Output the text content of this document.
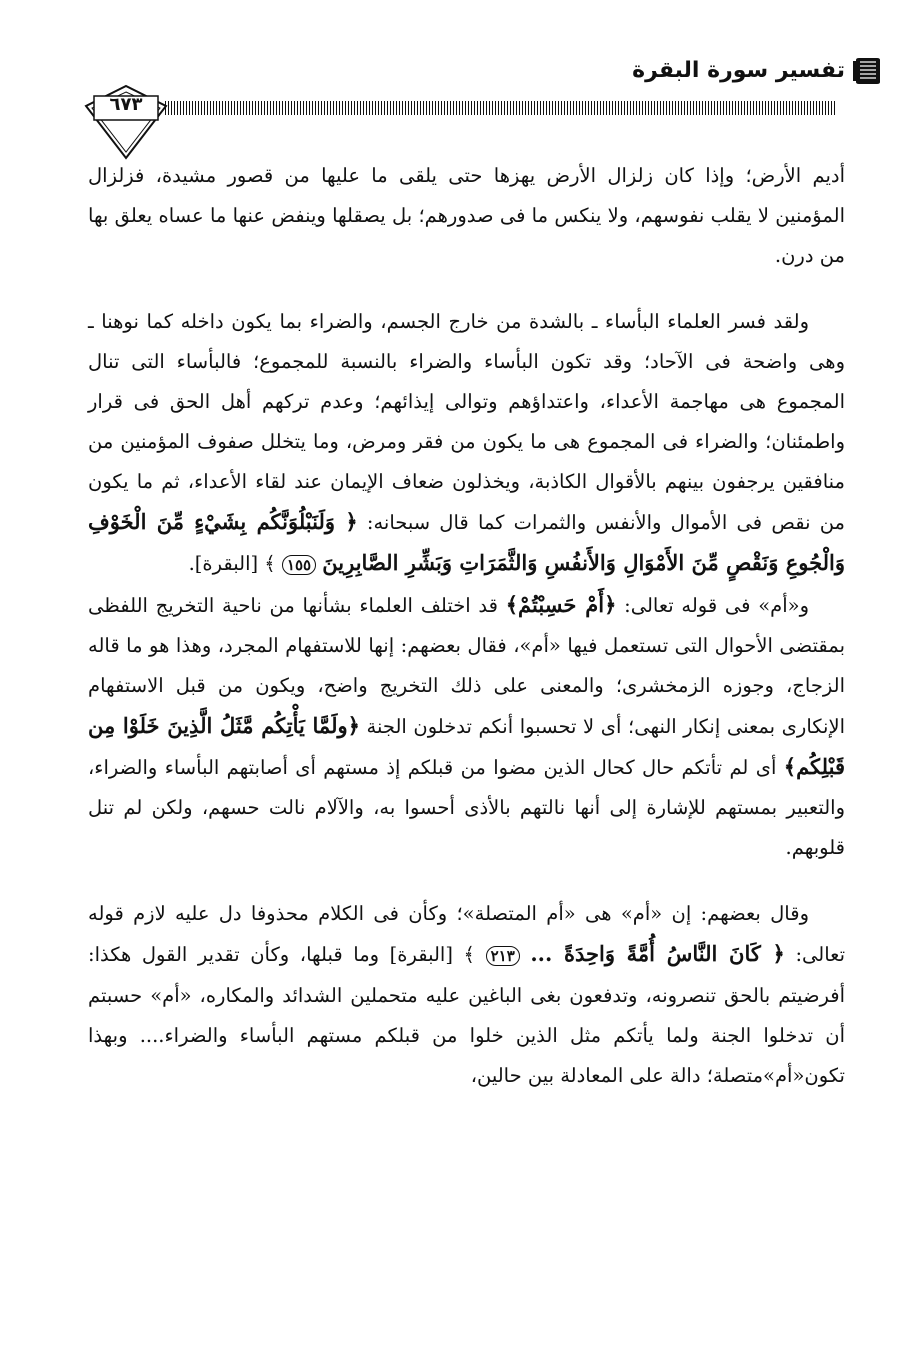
تفسير سورة البقرة
٦٧٣

أديم الأرض؛ وإذا كان زلزال الأرض يهزها حتى يلقى ما عليها من قصور مشيدة، فزلزال المؤمنين لا يقلب نفوسهم، ولا ينكس ما فى صدورهم؛ بل يصقلها وينفض عنها ما عساه يعلق بها من درن.

ولقد فسر العلماء البأساء ـ بالشدة من خارج الجسم، والضراء بما يكون داخله كما نوهنا ـ وهى واضحة فى الآحاد؛ وقد تكون البأساء والضراء بالنسبة للمجموع؛ فالبأساء التى تنال المجموع هى مهاجمة الأعداء، واعتداؤهم وتوالى إيذائهم؛ وعدم تركهم أهل الحق فى قرار واطمئنان؛ والضراء فى المجموع هى ما يكون من فقر ومرض، وما يتخلل صفوف المؤمنين من منافقين يرجفون بينهم بالأقوال الكاذبة، ويخذلون ضعاف الإيمان عند لقاء الأعداء، ثم ما يكون من نقص فى الأموال والأنفس والثمرات كما قال سبحانه: ﴿ وَلَنَبْلُوَنَّكُم بِشَيْءٍ مِّنَ الْخَوْفِ وَالْجُوعِ وَنَقْصٍ مِّنَ الأَمْوَالِ وَالأَنفُسِ وَالثَّمَرَاتِ وَبَشِّرِ الصَّابِرِينَ ١٥٥ ﴾ [البقرة].

و«أم» فى قوله تعالى: ﴿أَمْ حَسِبْتُمْ﴾ قد اختلف العلماء بشأنها من ناحية التخريج اللفظى بمقتضى الأحوال التى تستعمل فيها «أم»، فقال بعضهم: إنها للاستفهام المجرد، وهذا هو ما قاله الزجاج، وجوزه الزمخشرى؛ والمعنى على ذلك التخريج واضح، ويكون من قبل الاستفهام الإنكارى بمعنى إنكار النهى؛ أى لا تحسبوا أنكم تدخلون الجنة ﴿ولَمَّا يَأْتِكُم مَّثَلُ الَّذِينَ خَلَوْا مِن قَبْلِكُم﴾ أى لم تأتكم حال كحال الذين مضوا من قبلكم إذ مستهم أى أصابتهم البأساء والضراء، والتعبير بمستهم للإشارة إلى أنها نالتهم بالأذى أحسوا به، والآلام نالت حسهم، ولكن لم تنل قلوبهم.

وقال بعضهم: إن «أم» هى «أم المتصلة»؛ وكأن فى الكلام محذوفا دل عليه لازم قوله تعالى: ﴿ كَانَ النَّاسُ أُمَّةً وَاحِدَةً ... ٢١٣ ﴾ [البقرة] وما قبلها، وكأن تقدير القول هكذا: أفرضيتم بالحق تنصرونه، وتدفعون بغى الباغين عليه متحملين الشدائد والمكاره، «أم» حسبتم أن تدخلوا الجنة ولما يأتكم مثل الذين خلوا من قبلكم مستهم البأساء والضراء.... وبهذا تكون«أم»متصلة؛ دالة على المعادلة بين حالين،
